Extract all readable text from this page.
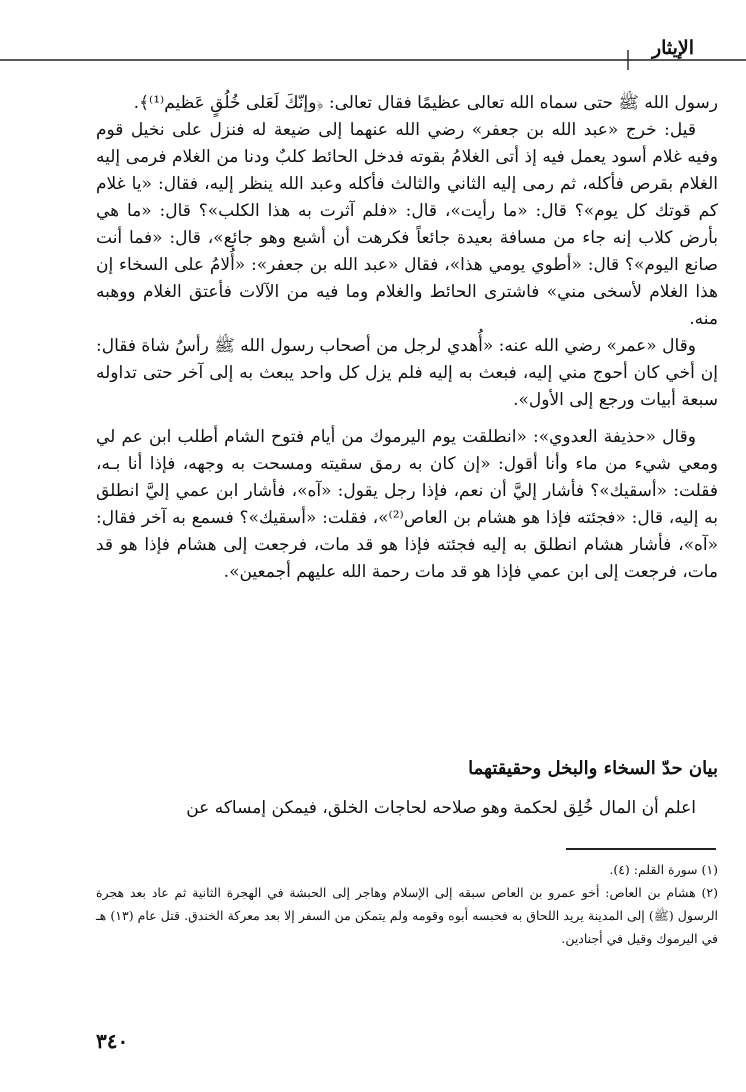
الإيثار

رسول الله ﷺ حتى سماه الله تعالى عظيمًا فقال تعالى: ﴿وإنّكَ لَعَلى خُلُقٍ عَظيم⁽¹⁾﴾.

قيل: خرج «عبد الله بن جعفر» رضي الله عنهما إلى ضيعة له فنزل على نخيل قوم وفيه غلام أسود يعمل فيه إذ أتى الغلامُ بقوته فدخل الحائط كلبٌ ودنا من الغلام فرمى إليه الغلام بقرص فأكله، ثم رمى إليه الثاني والثالث فأكله وعبد الله ينظر إليه، فقال: «يا غلام كم قوتك كل يوم»؟ قال: «ما رأيت»، قال: «فلم آثرت به هذا الكلب»؟ قال: «ما هي بأرض كلاب إنه جاء من مسافة بعيدة جائعاً فكرهت أن أشبع وهو جائع»، قال: «فما أنت صانع اليوم»؟ قال: «أطوي يومي هذا»، فقال «عبد الله بن جعفر»: «أُلامُ على السخاء إن هذا الغلام لأسخى مني» فاشترى الحائط والغلام وما فيه من الآلات فأعتق الغلام ووهبه منه.

وقال «عمر» رضي الله عنه: «أُهدي لرجل من أصحاب رسول الله ﷺ رأسُ شاة فقال: إن أخي كان أحوج مني إليه، فبعث به إليه فلم يزل كل واحد يبعث به إلى آخر حتى تداوله سبعة أبيات ورجع إلى الأول».

وقال «حذيفة العدوي»: «انطلقت يوم اليرموك من أيام فتوح الشام أطلب ابن عم لي ومعي شيء من ماء وأنا أقول: «إن كان به رمق سقيته ومسحت به وجهه، فإذا أنا بـه، فقلت: «أسقيك»؟ فأشار إليَّ أن نعم، فإذا رجل يقول: «آه»، فأشار ابن عمي إليَّ انطلق به إليه، قال: «فجئته فإذا هو هشام بن العاص⁽²⁾»، فقلت: «أسقيك»؟ فسمع به آخر فقال: «آه»، فأشار هشام انطلق به إليه فجئته فإذا هو قد مات، فرجعت إلى هشام فإذا هو قد مات، فرجعت إلى ابن عمي فإذا هو قد مات رحمة الله عليهم أجمعين».

بيان حدّ السخاء والبخل وحقيقتهما
اعلم أن المال خُلِق لحكمة وهو صلاحه لحاجات الخلق، فيمكن إمساكه عن

(١) سورة القلم: (٤).

(٢) هشام بن العاص: أخو عمرو بن العاص سبقه إلى الإسلام وهاجر إلى الحبشة في الهجرة الثانية ثم عاد بعد هجرة الرسول (ﷺ) إلى المدينة يريد اللحاق به فحبسه أبوه وقومه ولم يتمكن من السفر إلا بعد معركة الخندق. قتل عام (١٣) هـ في اليرموك وقيل في أجنادين.

٣٤٠
